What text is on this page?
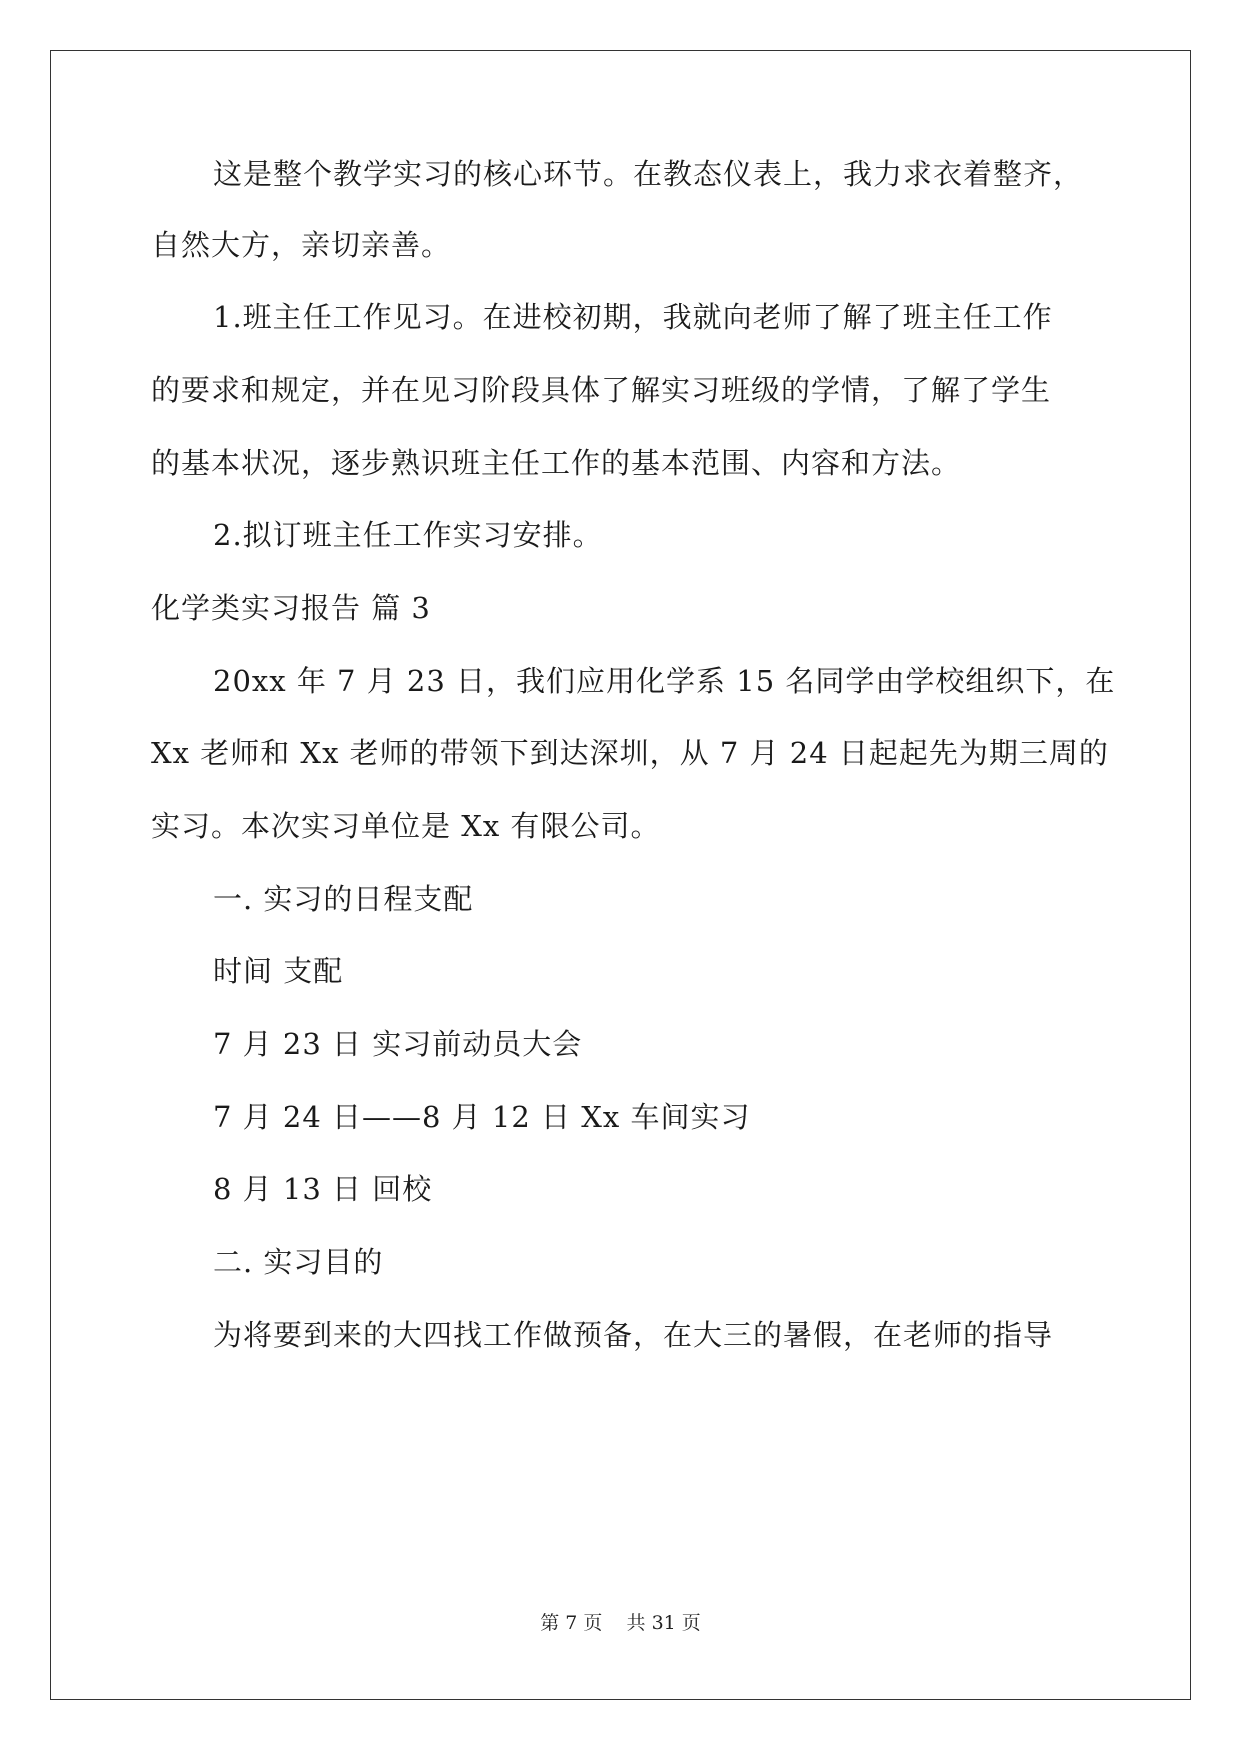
这是整个教学实习的核心环节。在教态仪表上，我力求衣着整齐，
自然大方，亲切亲善。
1.班主任工作见习。在进校初期，我就向老师了解了班主任工作
的要求和规定，并在见习阶段具体了解实习班级的学情，了解了学生
的基本状况，逐步熟识班主任工作的基本范围、内容和方法。
2.拟订班主任工作实习安排。
化学类实习报告 篇 3
20xx 年 7 月 23 日，我们应用化学系 15 名同学由学校组织下，在
Xx 老师和 Xx 老师的带领下到达深圳，从 7 月 24 日起起先为期三周的
实习。本次实习单位是 Xx 有限公司。
一. 实习的日程支配
时间 支配
7 月 23 日 实习前动员大会
7 月 24 日——8 月 12 日 Xx 车间实习
8 月 13 日 回校
二. 实习目的
为将要到来的大四找工作做预备，在大三的暑假，在老师的指导
第 7 页    共 31 页
